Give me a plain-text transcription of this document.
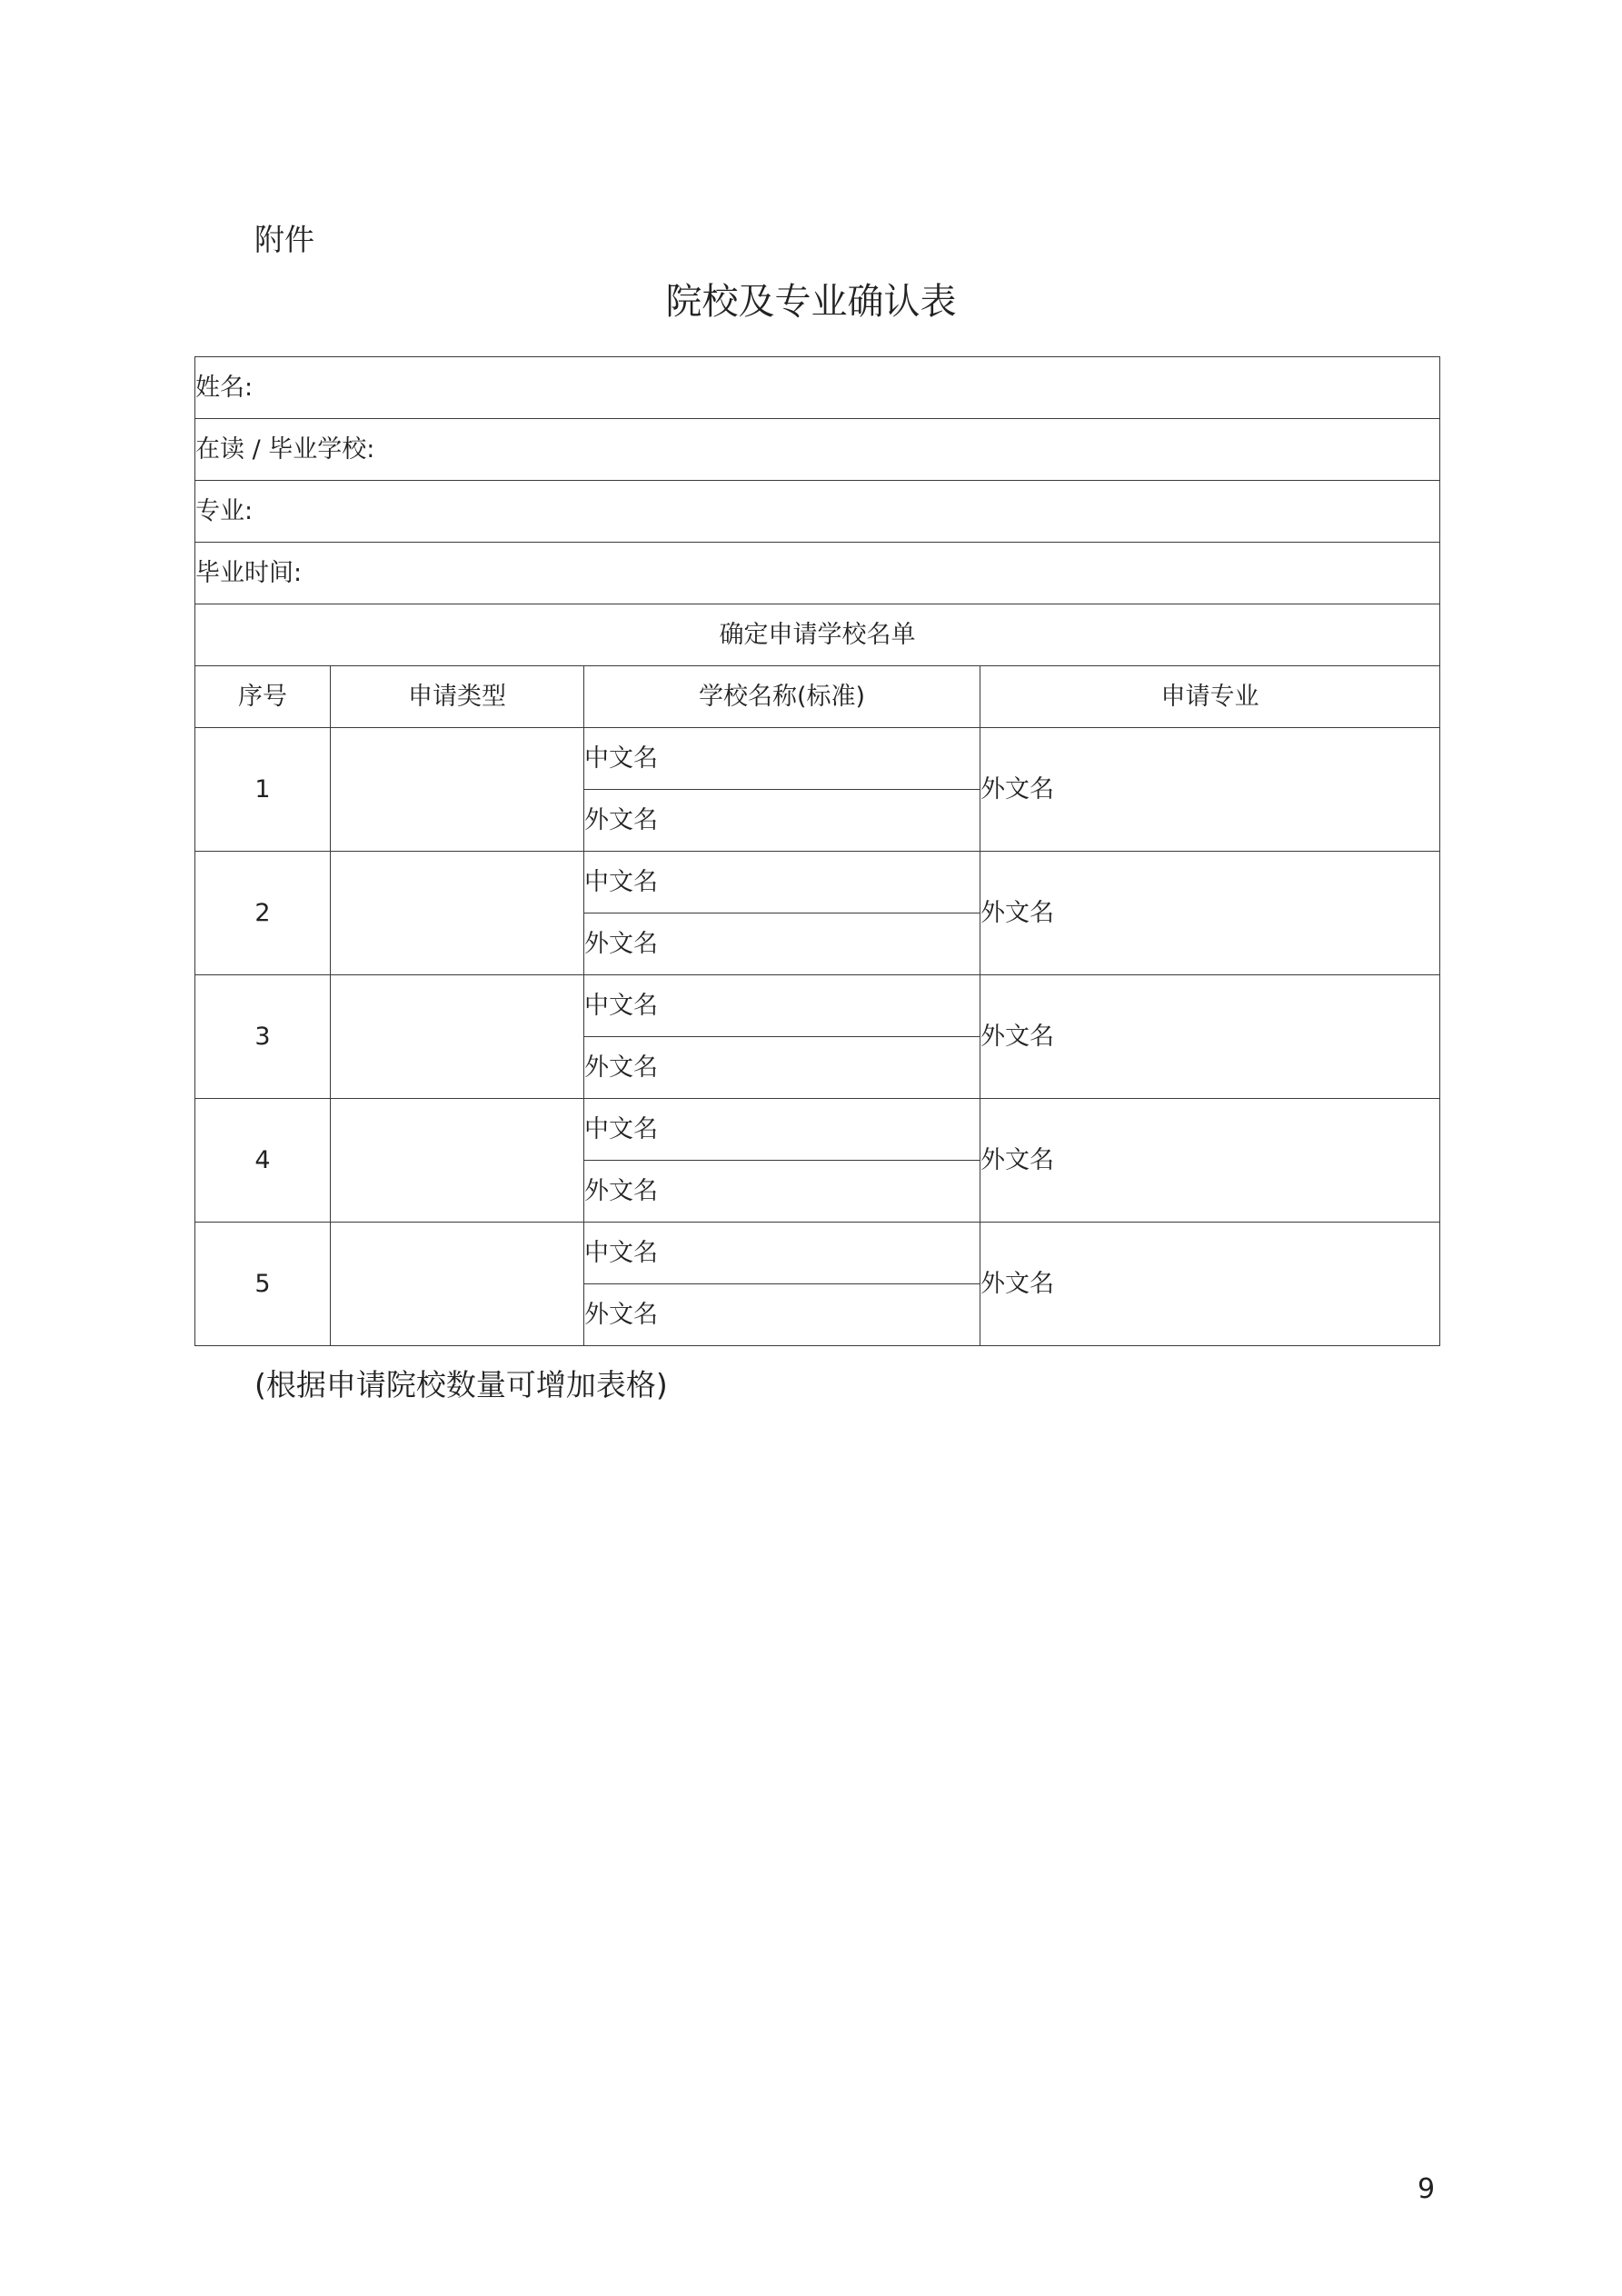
附件
院校及专业确认表
姓名:			
在读 / 毕业学校:			
专业:			
毕业时间:			
确定申请学校名单			
序号	申请类型	学校名称(标准)	申请专业
1		中文名	外文名
		外文名	
2		中文名	外文名
		外文名	
3		中文名	外文名
		外文名	
4		中文名	外文名
		外文名	
5		中文名	外文名
		外文名	
(根据申请院校数量可增加表格)
9
